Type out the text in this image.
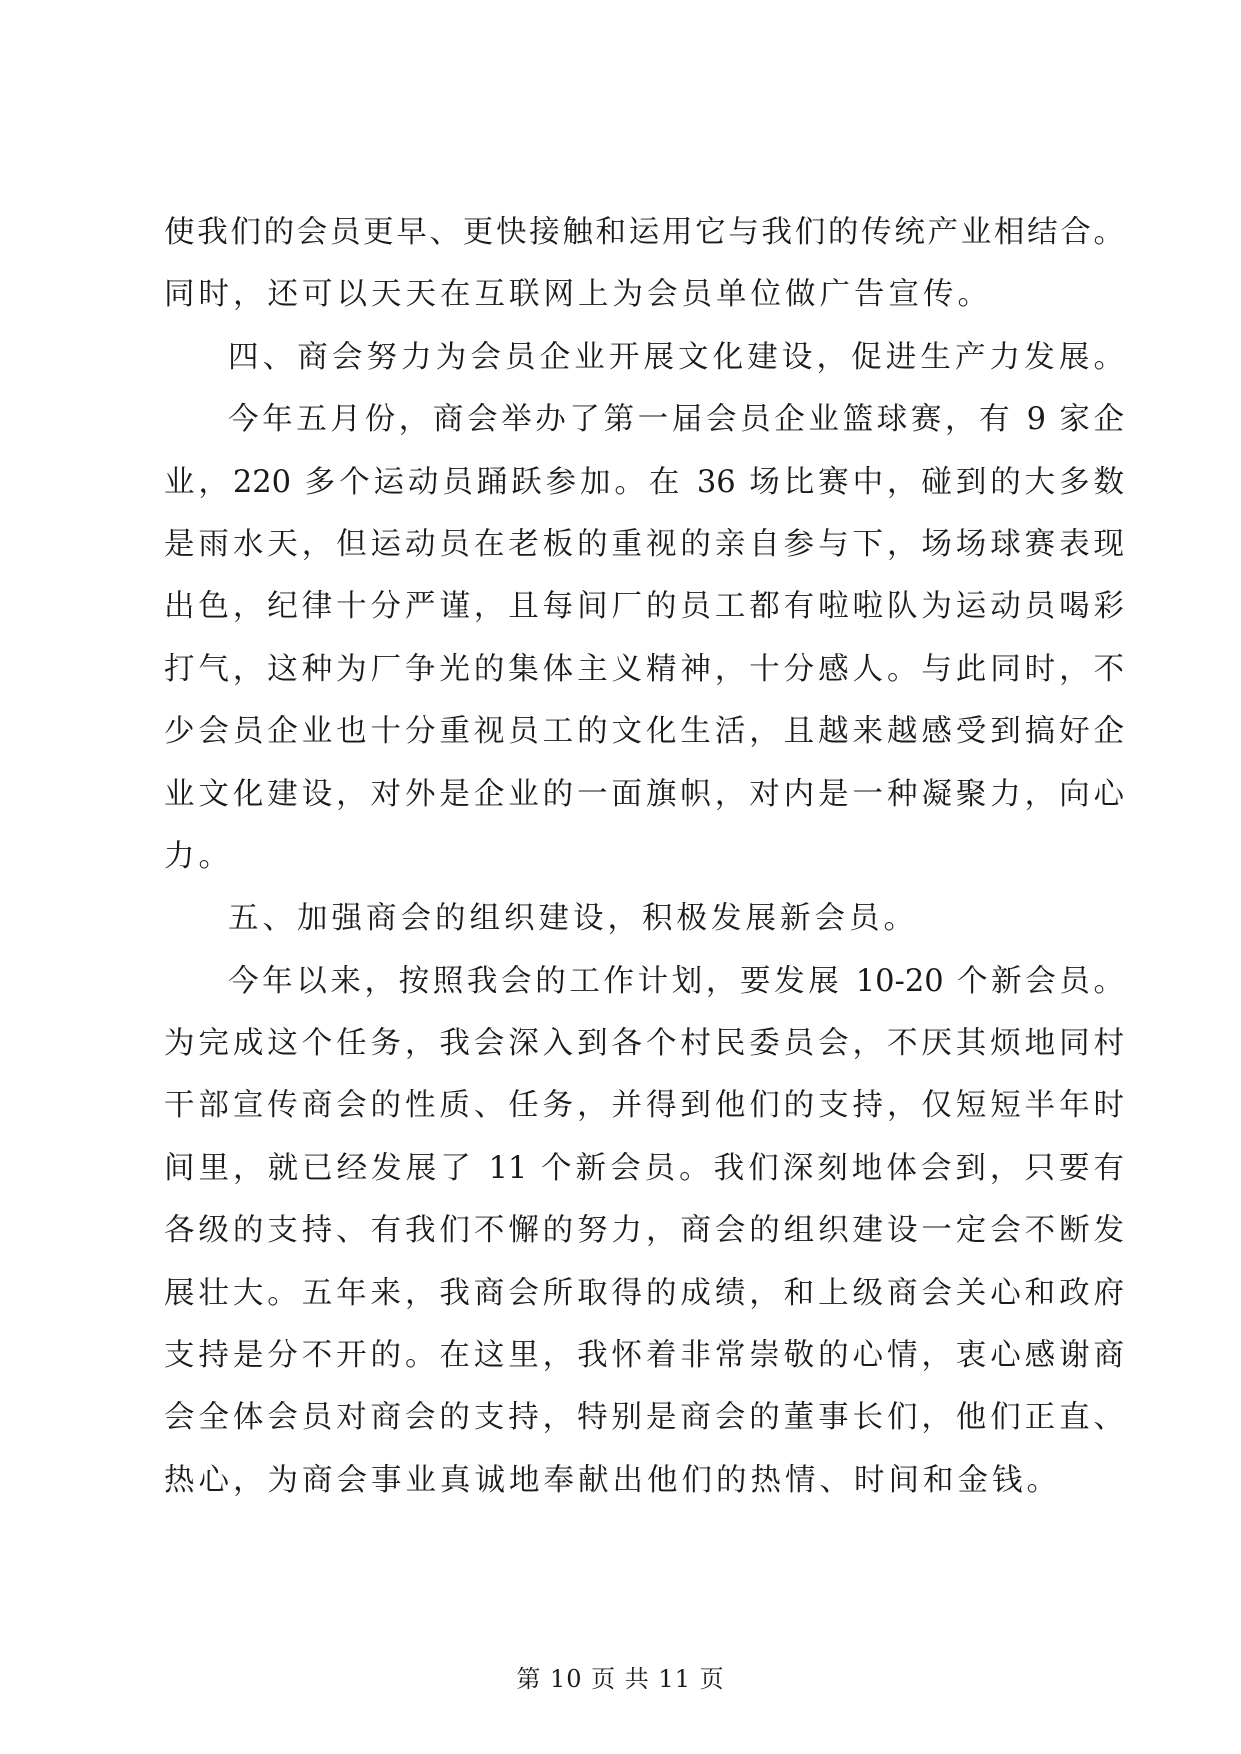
使我们的会员更早、更快接触和运用它与我们的传统产业相结合。
同时，还可以天天在互联网上为会员单位做广告宣传。
四、商会努力为会员企业开展文化建设，促进生产力发展。
今年五月份，商会举办了第一届会员企业篮球赛，有 9 家企
业，220 多个运动员踊跃参加。在 36 场比赛中，碰到的大多数
是雨水天，但运动员在老板的重视的亲自参与下，场场球赛表现
出色，纪律十分严谨，且每间厂的员工都有啦啦队为运动员喝彩
打气，这种为厂争光的集体主义精神，十分感人。与此同时，不
少会员企业也十分重视员工的文化生活，且越来越感受到搞好企
业文化建设，对外是企业的一面旗帜，对内是一种凝聚力，向心
力。
五、加强商会的组织建设，积极发展新会员。
今年以来，按照我会的工作计划，要发展 10-20 个新会员。
为完成这个任务，我会深入到各个村民委员会，不厌其烦地同村
干部宣传商会的性质、任务，并得到他们的支持，仅短短半年时
间里，就已经发展了 11 个新会员。我们深刻地体会到，只要有
各级的支持、有我们不懈的努力，商会的组织建设一定会不断发
展壮大。五年来，我商会所取得的成绩，和上级商会关心和政府
支持是分不开的。在这里，我怀着非常崇敬的心情，衷心感谢商
会全体会员对商会的支持，特别是商会的董事长们，他们正直、
热心，为商会事业真诚地奉献出他们的热情、时间和金钱。
第 10 页 共 11 页
